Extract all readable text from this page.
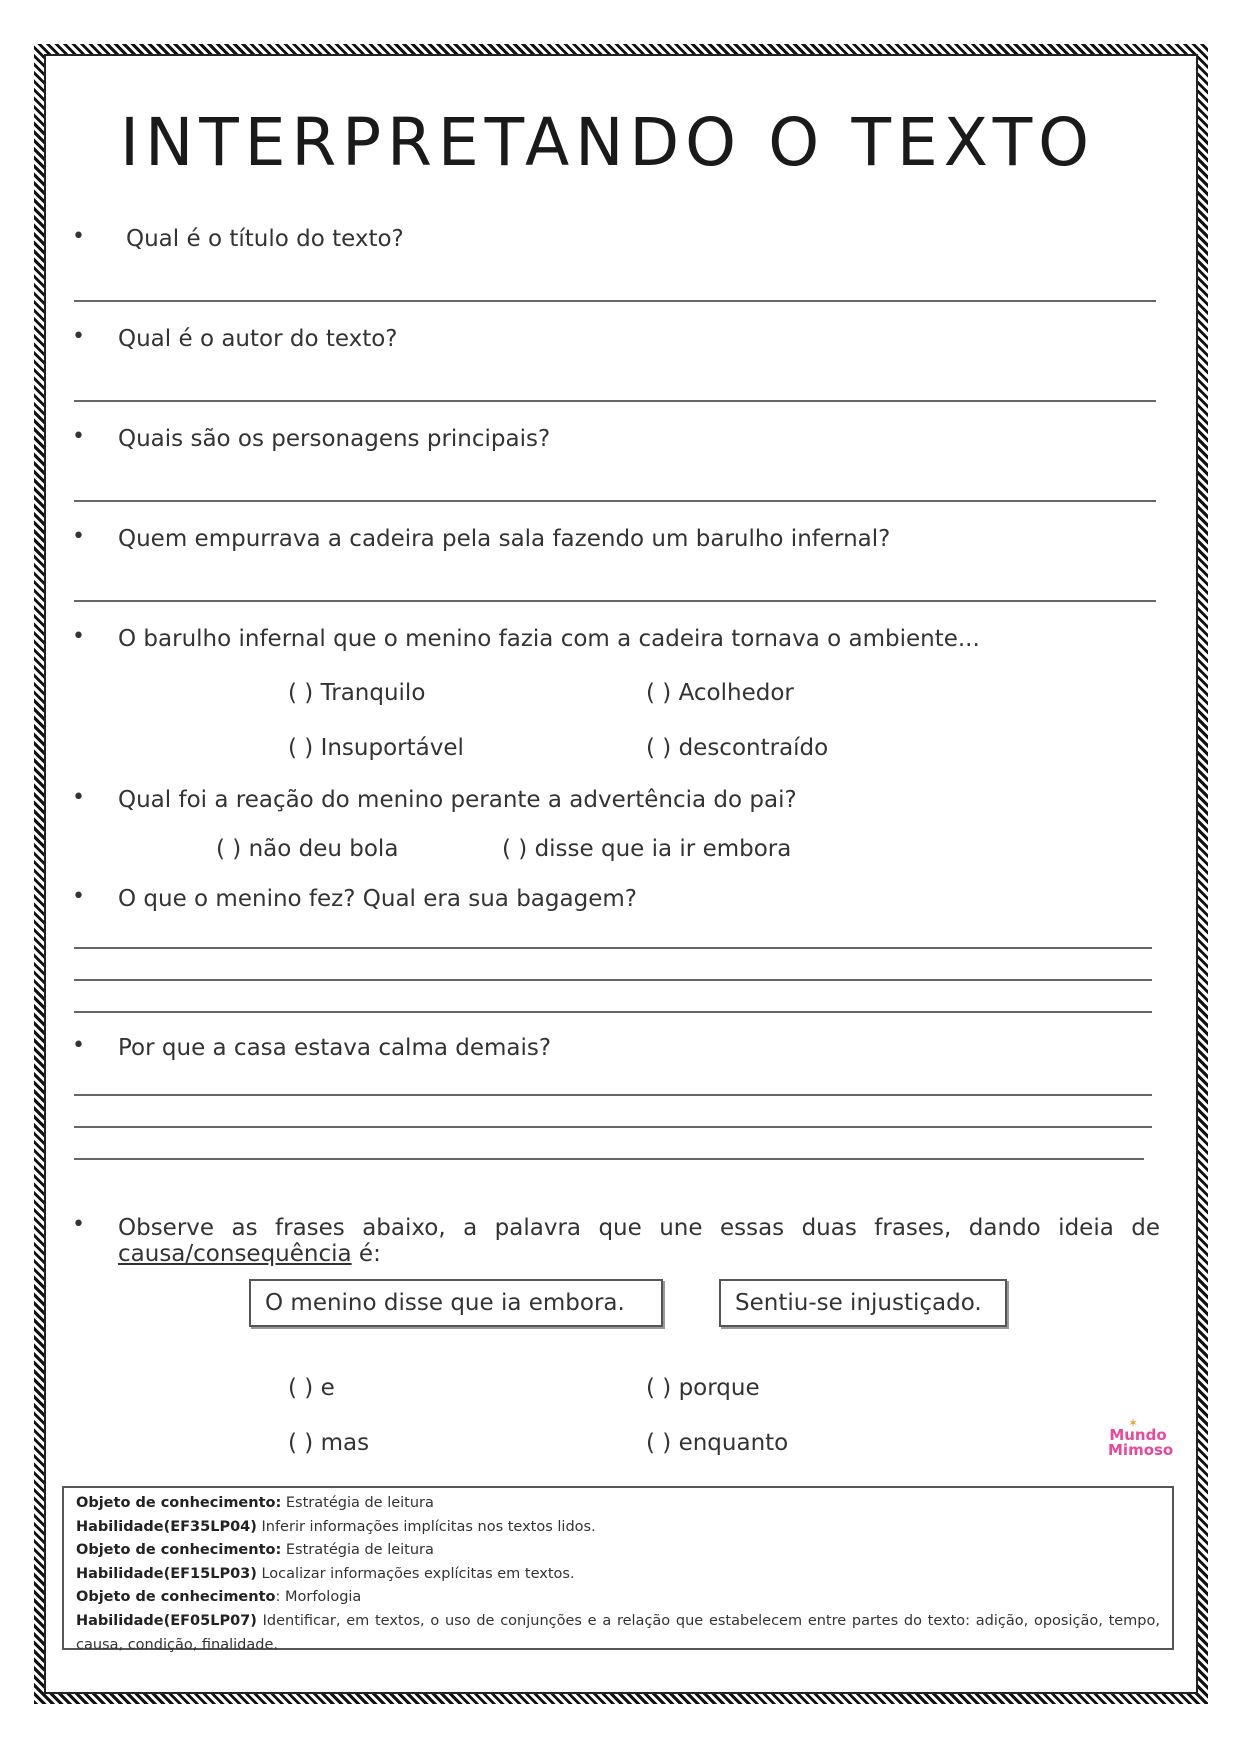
INTERPRETANDO O TEXTO
• Qual é o título do texto?
• Qual é o autor do texto?
• Quais são os personagens principais?
• Quem empurrava a cadeira pela sala fazendo um barulho infernal?
• O barulho infernal que o menino fazia com a cadeira tornava o ambiente...
( ) Tranquilo	( ) Acolhedor
( ) Insuportável	( ) descontraído
• Qual foi a reação do menino perante a advertência do pai?
( ) não deu bola	( ) disse que ia ir embora
• O que o menino fez? Qual era sua bagagem?
• Por que a casa estava calma demais?
• Observe as frases abaixo, a palavra que une essas duas frases, dando ideia de
causa/consequência é:
O menino disse que ia embora.	Sentiu-se injustiçado.
( ) e	( ) porque
( ) mas	( ) enquanto
✶
Mundo
Mimoso
Objeto de conhecimento: Estratégia de leitura
Habilidade(EF35LP04) Inferir informações implícitas nos textos lidos.
Objeto de conhecimento: Estratégia de leitura
Habilidade(EF15LP03) Localizar informações explícitas em textos.
Objeto de conhecimento: Morfologia
Habilidade(EF05LP07) Identificar, em textos, o uso de conjunções e a relação que estabelecem entre partes do texto: adição, oposição, tempo, causa, condição, finalidade.
